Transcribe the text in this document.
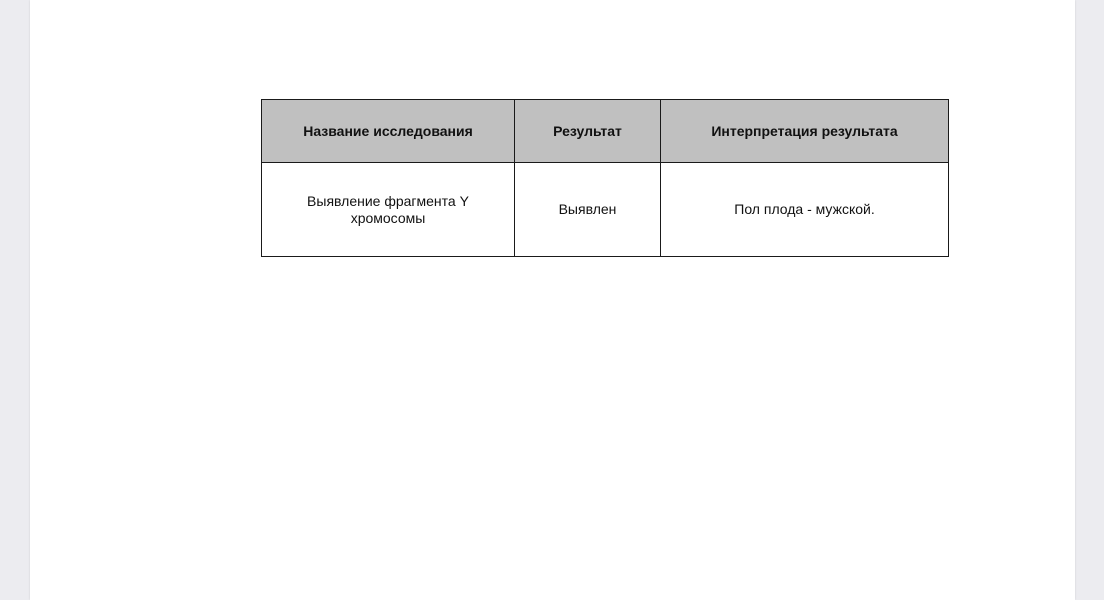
Название исследования	Результат	Интерпретация результата
Выявление фрагмента Y хромосомы	Выявлен	Пол плода - мужской.
